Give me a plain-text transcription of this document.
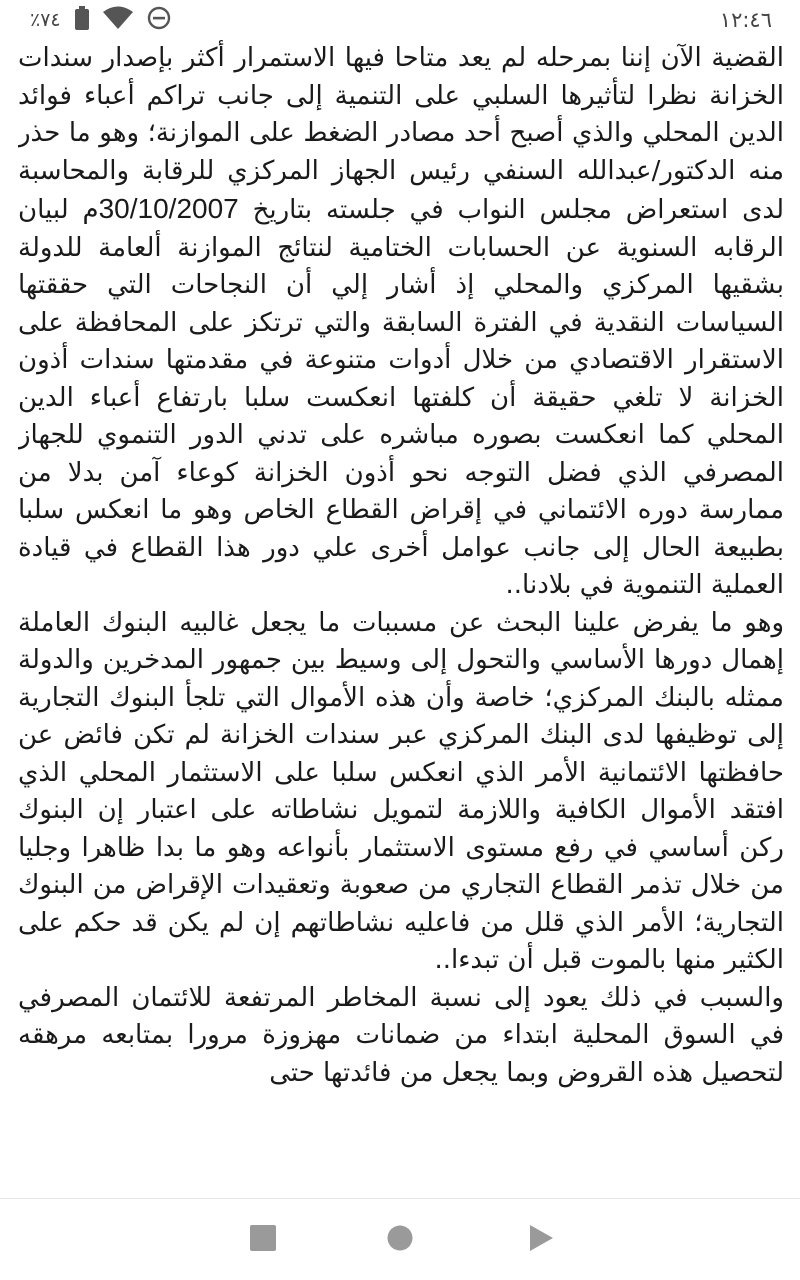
٧٤٪	١٢:٤٦

القضية الآن إننا بمرحله لم يعد متاحا فيها الاستمرار أكثر بإصدار سندات الخزانة نظرا لتأثيرها السلبي على التنمية إلى جانب تراكم أعباء فوائد الدين المحلي والذي أصبح أحد مصادر الضغط على الموازنة؛ وهو ما حذر منه الدكتور/عبدالله السنفي رئيس الجهاز المركزي للرقابة والمحاسبة لدى استعراض مجلس النواب في جلسته بتاريخ 30/10/2007م لبيان الرقابه السنوية عن الحسابات الختامية لنتائج الموازنة ألعامة للدولة بشقيها المركزي والمحلي إذ أشار إلي أن النجاحات التي حققتها السياسات النقدية في الفترة السابقة والتي ترتكز على المحافظة على الاستقرار الاقتصادي من خلال أدوات متنوعة في مقدمتها سندات أذون الخزانة لا تلغي حقيقة أن كلفتها انعكست سلبا بارتفاع أعباء الدين المحلي كما انعكست بصوره مباشره على تدني الدور التنموي للجهاز المصرفي الذي فضل التوجه نحو أذون الخزانة كوعاء آمن بدلا من ممارسة دوره الائتماني في إقراض القطاع الخاص وهو ما انعكس سلبا بطبيعة الحال إلى جانب عوامل أخرى علي دور هذا القطاع في قيادة العملية التنموية في بلادنا..

وهو ما يفرض علينا البحث عن مسببات ما يجعل غالبيه البنوك العاملة إهمال دورها الأساسي والتحول إلى وسيط بين جمهور المدخرين والدولة ممثله بالبنك المركزي؛ خاصة وأن هذه الأموال التي تلجأ البنوك التجارية إلى توظيفها لدى البنك المركزي عبر سندات الخزانة لم تكن فائض عن حافظتها الائتمانية الأمر الذي انعكس سلبا على الاستثمار المحلي الذي افتقد الأموال الكافية واللازمة لتمويل نشاطاته على اعتبار إن البنوك ركن أساسي في رفع مستوى الاستثمار بأنواعه وهو ما بدا ظاهرا وجليا من خلال تذمر القطاع التجاري من صعوبة وتعقيدات الإقراض من البنوك التجارية؛ الأمر الذي قلل من فاعليه نشاطاتهم إن لم يكن قد حكم على الكثير منها بالموت قبل أن تبدءا..

والسبب في ذلك يعود إلى نسبة المخاطر المرتفعة للائتمان المصرفي في السوق المحلية ابتداء من ضمانات مهزوزة مرورا بمتابعه مرهقه لتحصيل هذه القروض وبما يجعل من فائدتها حتى
